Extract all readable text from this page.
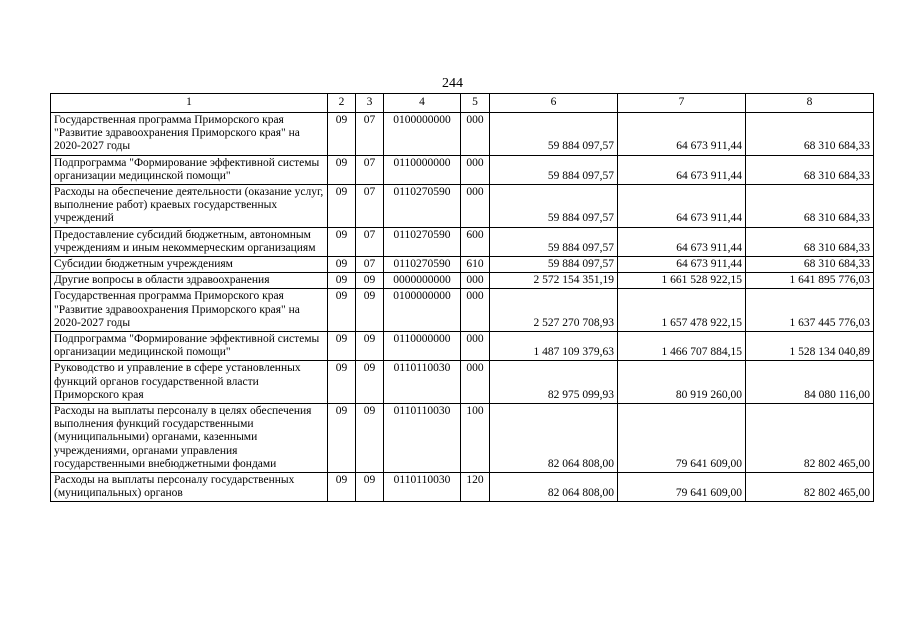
244
1	2	3	4	5	6	7	8
Государственная программа Приморского края "Развитие здравоохранения Приморского края" на 2020-2027 годы	09	07	0100000000	000	59 884 097,57	64 673 911,44	68 310 684,33
Подпрограмма "Формирование эффективной системы организации медицинской помощи"	09	07	0110000000	000	59 884 097,57	64 673 911,44	68 310 684,33
Расходы на обеспечение деятельности (оказание услуг, выполнение работ) краевых государственных учреждений	09	07	0110270590	000	59 884 097,57	64 673 911,44	68 310 684,33
Предоставление субсидий бюджетным, автономным учреждениям и иным некоммерческим организациям	09	07	0110270590	600	59 884 097,57	64 673 911,44	68 310 684,33
Субсидии бюджетным учреждениям	09	07	0110270590	610	59 884 097,57	64 673 911,44	68 310 684,33
Другие вопросы в области здравоохранения	09	09	0000000000	000	2 572 154 351,19	1 661 528 922,15	1 641 895 776,03
Государственная программа Приморского края "Развитие здравоохранения Приморского края" на 2020-2027 годы	09	09	0100000000	000	2 527 270 708,93	1 657 478 922,15	1 637 445 776,03
Подпрограмма "Формирование эффективной системы организации медицинской помощи"	09	09	0110000000	000	1 487 109 379,63	1 466 707 884,15	1 528 134 040,89
Руководство и управление в сфере установленных функций органов государственной власти Приморского края	09	09	0110110030	000	82 975 099,93	80 919 260,00	84 080 116,00
Расходы на выплаты персоналу в целях обеспечения выполнения функций государственными (муниципальными) органами, казенными учреждениями, органами управления государственными внебюджетными фондами	09	09	0110110030	100	82 064 808,00	79 641 609,00	82 802 465,00
Расходы на выплаты персоналу государственных (муниципальных) органов	09	09	0110110030	120	82 064 808,00	79 641 609,00	82 802 465,00
